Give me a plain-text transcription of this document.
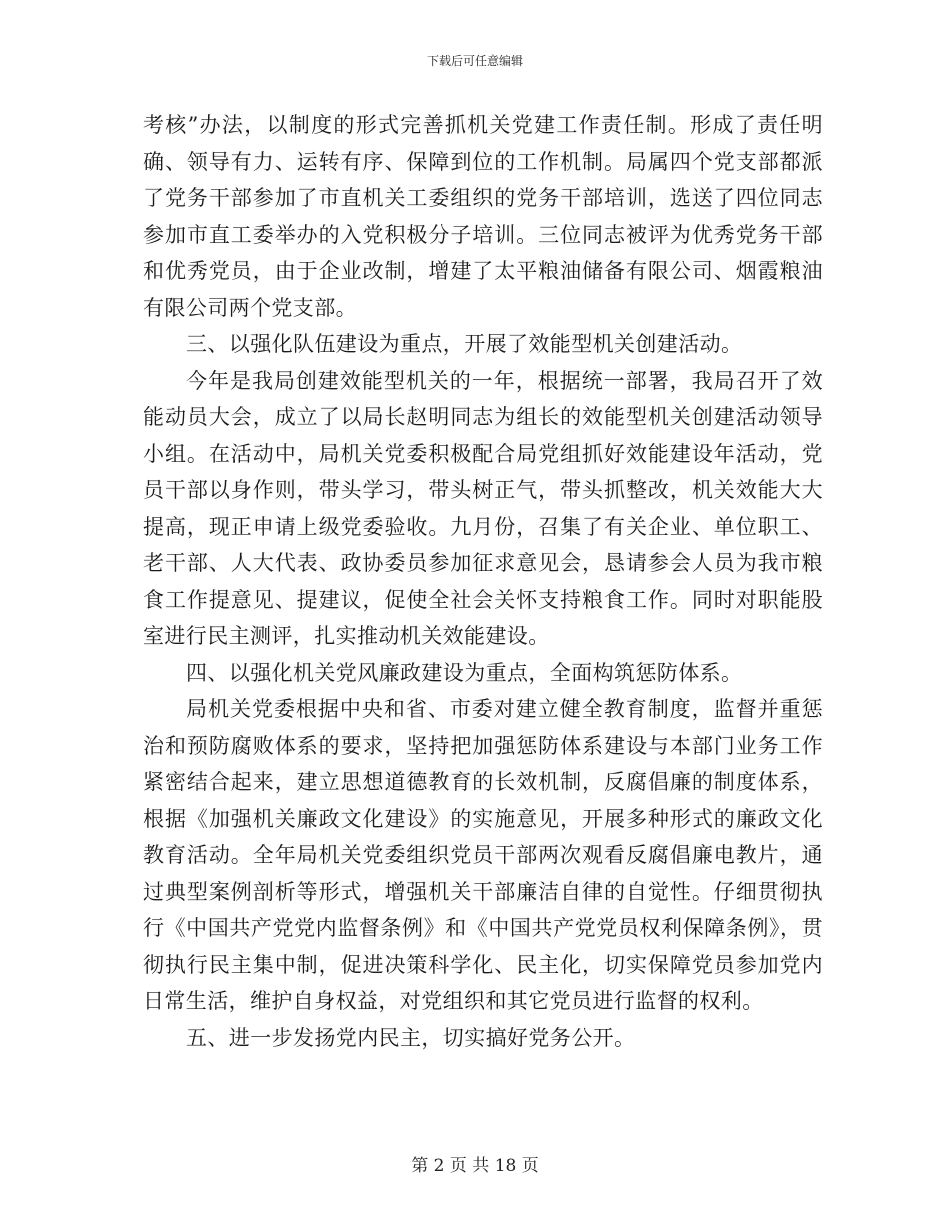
下载后可任意编辑

考核”办法，以制度的形式完善抓机关党建工作责任制。形成了责任明确、领导有力、运转有序、保障到位的工作机制。局属四个党支部都派了党务干部参加了市直机关工委组织的党务干部培训，选送了四位同志参加市直工委举办的入党积极分子培训。三位同志被评为优秀党务干部和优秀党员，由于企业改制，增建了太平粮油储备有限公司、烟霞粮油有限公司两个党支部。

三、以强化队伍建设为重点，开展了效能型机关创建活动。

今年是我局创建效能型机关的一年，根据统一部署，我局召开了效能动员大会，成立了以局长赵明同志为组长的效能型机关创建活动领导小组。在活动中，局机关党委积极配合局党组抓好效能建设年活动，党员干部以身作则，带头学习，带头树正气，带头抓整改，机关效能大大提高，现正申请上级党委验收。九月份，召集了有关企业、单位职工、老干部、人大代表、政协委员参加征求意见会，恳请参会人员为我市粮食工作提意见、提建议，促使全社会关怀支持粮食工作。同时对职能股室进行民主测评，扎实推动机关效能建设。

四、以强化机关党风廉政建设为重点，全面构筑惩防体系。

局机关党委根据中央和省、市委对建立健全教育制度，监督并重惩治和预防腐败体系的要求，坚持把加强惩防体系建设与本部门业务工作紧密结合起来，建立思想道德教育的长效机制，反腐倡廉的制度体系，根据《加强机关廉政文化建设》的实施意见，开展多种形式的廉政文化教育活动。全年局机关党委组织党员干部两次观看反腐倡廉电教片，通过典型案例剖析等形式，增强机关干部廉洁自律的自觉性。仔细贯彻执行《中国共产党党内监督条例》和《中国共产党党员权利保障条例》，贯彻执行民主集中制，促进决策科学化、民主化，切实保障党员参加党内日常生活，维护自身权益，对党组织和其它党员进行监督的权利。

五、进一步发扬党内民主，切实搞好党务公开。

第 2 页 共 18 页
